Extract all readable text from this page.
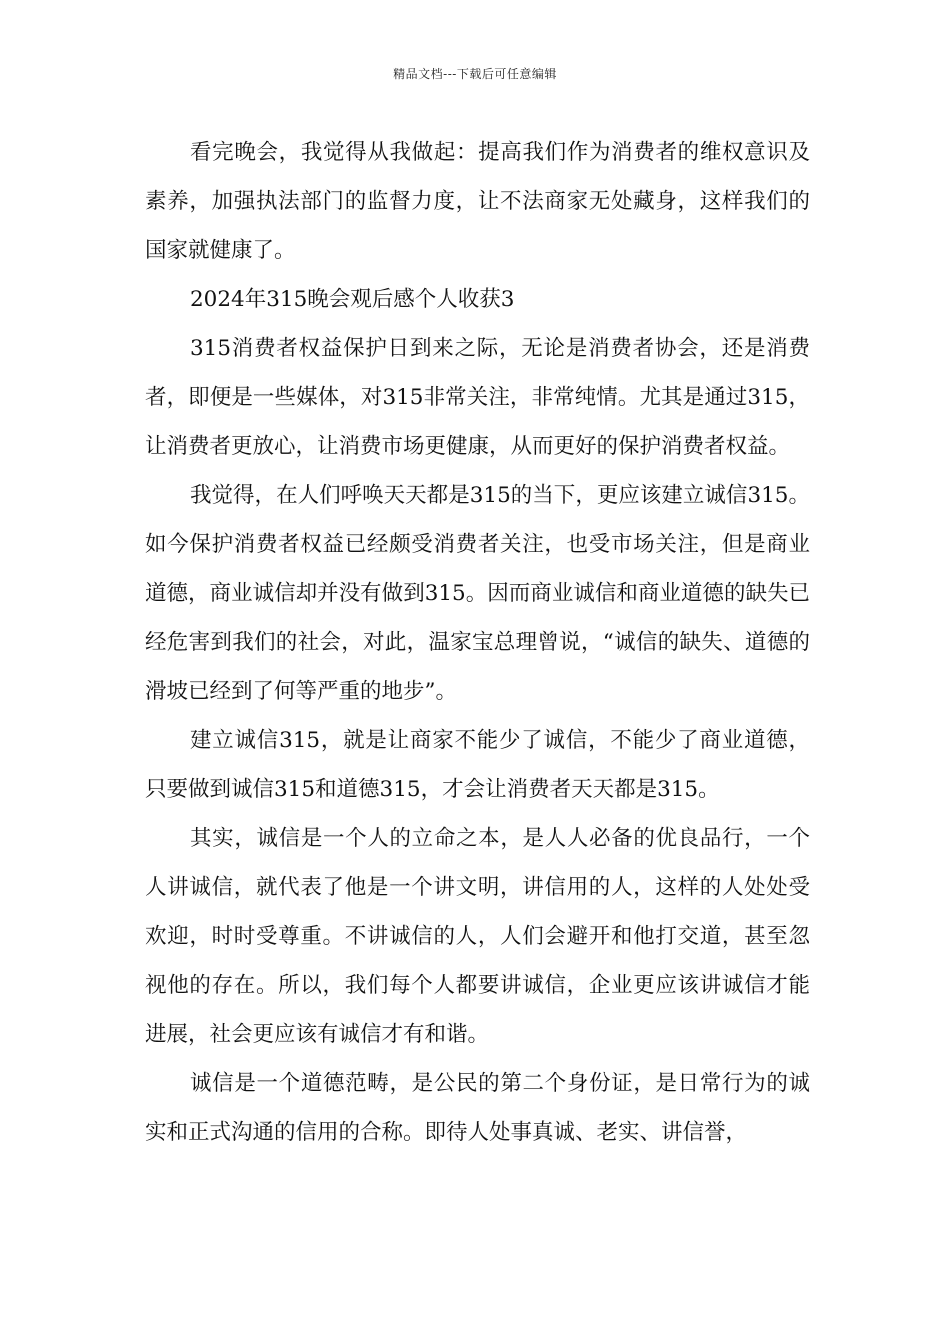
精品文档---下载后可任意编辑

看完晚会，我觉得从我做起：提高我们作为消费者的维权意识及素养，加强执法部门的监督力度，让不法商家无处藏身，这样我们的国家就健康了。

2024年315晚会观后感个人收获3

315消费者权益保护日到来之际，无论是消费者协会，还是消费者，即便是一些媒体，对315非常关注，非常纯情。尤其是通过315，让消费者更放心，让消费市场更健康，从而更好的保护消费者权益。

我觉得，在人们呼唤天天都是315的当下，更应该建立诚信315。如今保护消费者权益已经颇受消费者关注，也受市场关注，但是商业道德，商业诚信却并没有做到315。因而商业诚信和商业道德的缺失已经危害到我们的社会，对此，温家宝总理曾说，“诚信的缺失、道德的滑坡已经到了何等严重的地步”。

建立诚信315，就是让商家不能少了诚信，不能少了商业道德，只要做到诚信315和道德315，才会让消费者天天都是315。

其实，诚信是一个人的立命之本，是人人必备的优良品行，一个人讲诚信，就代表了他是一个讲文明，讲信用的人，这样的人处处受欢迎，时时受尊重。不讲诚信的人，人们会避开和他打交道，甚至忽视他的存在。所以，我们每个人都要讲诚信，企业更应该讲诚信才能进展，社会更应该有诚信才有和谐。

诚信是一个道德范畴，是公民的第二个身份证，是日常行为的诚实和正式沟通的信用的合称。即待人处事真诚、老实、讲信誉，
